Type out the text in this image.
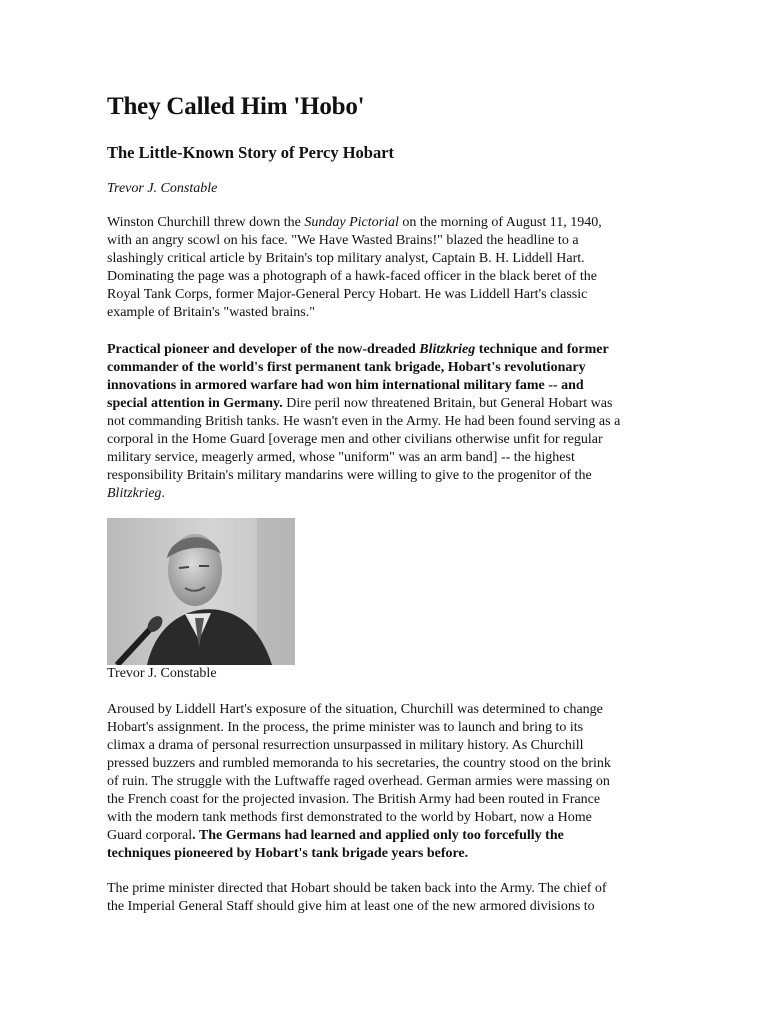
They Called Him 'Hobo'
The Little-Known Story of Percy Hobart

Trevor J. Constable

Winston Churchill threw down the Sunday Pictorial on the morning of August 11, 1940,
with an angry scowl on his face. "We Have Wasted Brains!" blazed the headline to a
slashingly critical article by Britain's top military analyst, Captain B. H. Liddell Hart.
Dominating the page was a photograph of a hawk-faced officer in the black beret of the
Royal Tank Corps, former Major-General Percy Hobart. He was Liddell Hart's classic
example of Britain's "wasted brains."

Practical pioneer and developer of the now-dreaded Blitzkrieg technique and former
commander of the world's first permanent tank brigade, Hobart's revolutionary
innovations in armored warfare had won him international military fame -- and
special attention in Germany. Dire peril now threatened Britain, but General Hobart was
not commanding British tanks. He wasn't even in the Army. He had been found serving as a
corporal in the Home Guard [overage men and other civilians otherwise unfit for regular
military service, meagerly armed, whose "uniform" was an arm band] -- the highest
responsibility Britain's military mandarins were willing to give to the progenitor of the
Blitzkrieg.

Trevor J. Constable

Aroused by Liddell Hart's exposure of the situation, Churchill was determined to change
Hobart's assignment. In the process, the prime minister was to launch and bring to its
climax a drama of personal resurrection unsurpassed in military history. As Churchill
pressed buzzers and rumbled memoranda to his secretaries, the country stood on the brink
of ruin. The struggle with the Luftwaffe raged overhead. German armies were massing on
the French coast for the projected invasion. The British Army had been routed in France
with the modern tank methods first demonstrated to the world by Hobart, now a Home
Guard corporal. The Germans had learned and applied only too forcefully the
techniques pioneered by Hobart's tank brigade years before.

The prime minister directed that Hobart should be taken back into the Army. The chief of
the Imperial General Staff should give him at least one of the new armored divisions to
